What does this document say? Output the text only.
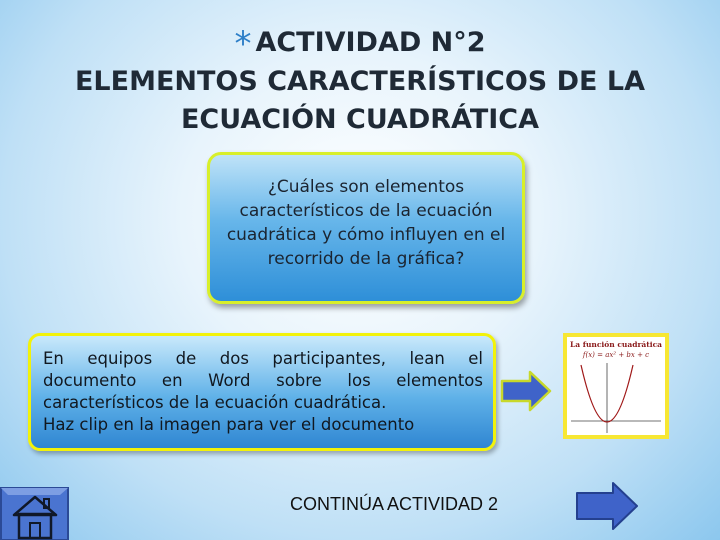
* ACTIVIDAD N°2
ELEMENTOS CARACTERÍSTICOS DE LA
ECUACIÓN CUADRÁTICA
¿Cuáles son elementos
característicos de la ecuación
cuadrática y cómo influyen en el
recorrido de la gráfica?
En equipos de dos participantes, lean el
documento en Word sobre los elementos
característicos de la ecuación cuadrática.
Haz clip en la imagen para ver el documento
La función cuadrática
f(x) = ax² + bx + c
CONTINÚA ACTIVIDAD 2
